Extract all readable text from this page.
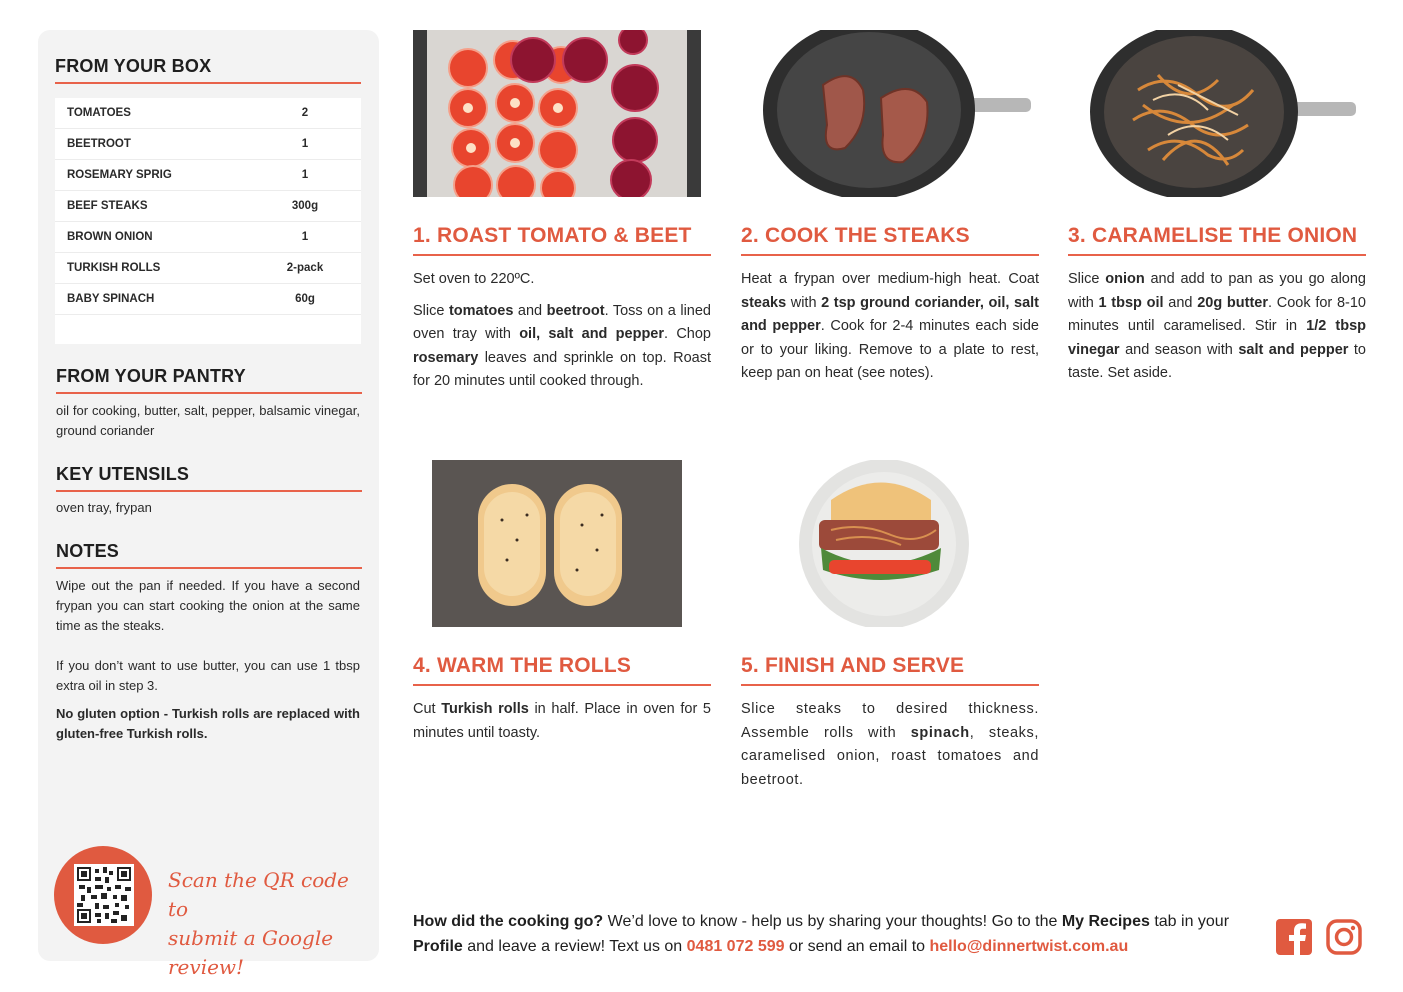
FROM YOUR BOX
TOMATOES	2
BEETROOT	1
ROSEMARY SPRIG	1
BEEF STEAKS	300g
BROWN ONION	1
TURKISH ROLLS	2-pack
BABY SPINACH	60g
FROM YOUR PANTRY
oil for cooking, butter, salt, pepper, balsamic vinegar, ground coriander
KEY UTENSILS
oven tray, frypan
NOTES
Wipe out the pan if needed. If you have a second frypan you can start cooking the onion at the same time as the steaks.
If you don’t want to use butter, you can use 1 tbsp extra oil in step 3.
No gluten option - Turkish rolls are replaced with gluten-free Turkish rolls.
Scan the QR code to
submit a Google review!
1. ROAST TOMATO & BEET

Set oven to 220ºC.

Slice tomatoes and beetroot. Toss on a lined oven tray with oil, salt and pepper. Chop rosemary leaves and sprinkle on top. Roast for 20 minutes until cooked through.

2. COOK THE STEAKS

Heat a frypan over medium-high heat. Coat steaks with 2 tsp ground coriander, oil, salt and pepper. Cook for 2-4 minutes each side or to your liking. Remove to a plate to rest, keep pan on heat (see notes).

3. CARAMELISE THE ONION

Slice onion and add to pan as you go along with 1 tbsp oil and 20g butter. Cook for 8-10 minutes until caramelised. Stir in 1/2 tbsp vinegar and season with salt and pepper to taste. Set aside.

4. WARM THE ROLLS

Cut Turkish rolls in half. Place in oven for 5 minutes until toasty.

5. FINISH AND SERVE

Slice steaks to desired thickness. Assemble rolls with spinach, steaks, caramelised onion, roast tomatoes and beetroot.

How did the cooking go? We’d love to know - help us by sharing your thoughts! Go to the My Recipes tab in your Profile and leave a review! Text us on 0481 072 599 or send an email to hello@dinnertwist.com.au
